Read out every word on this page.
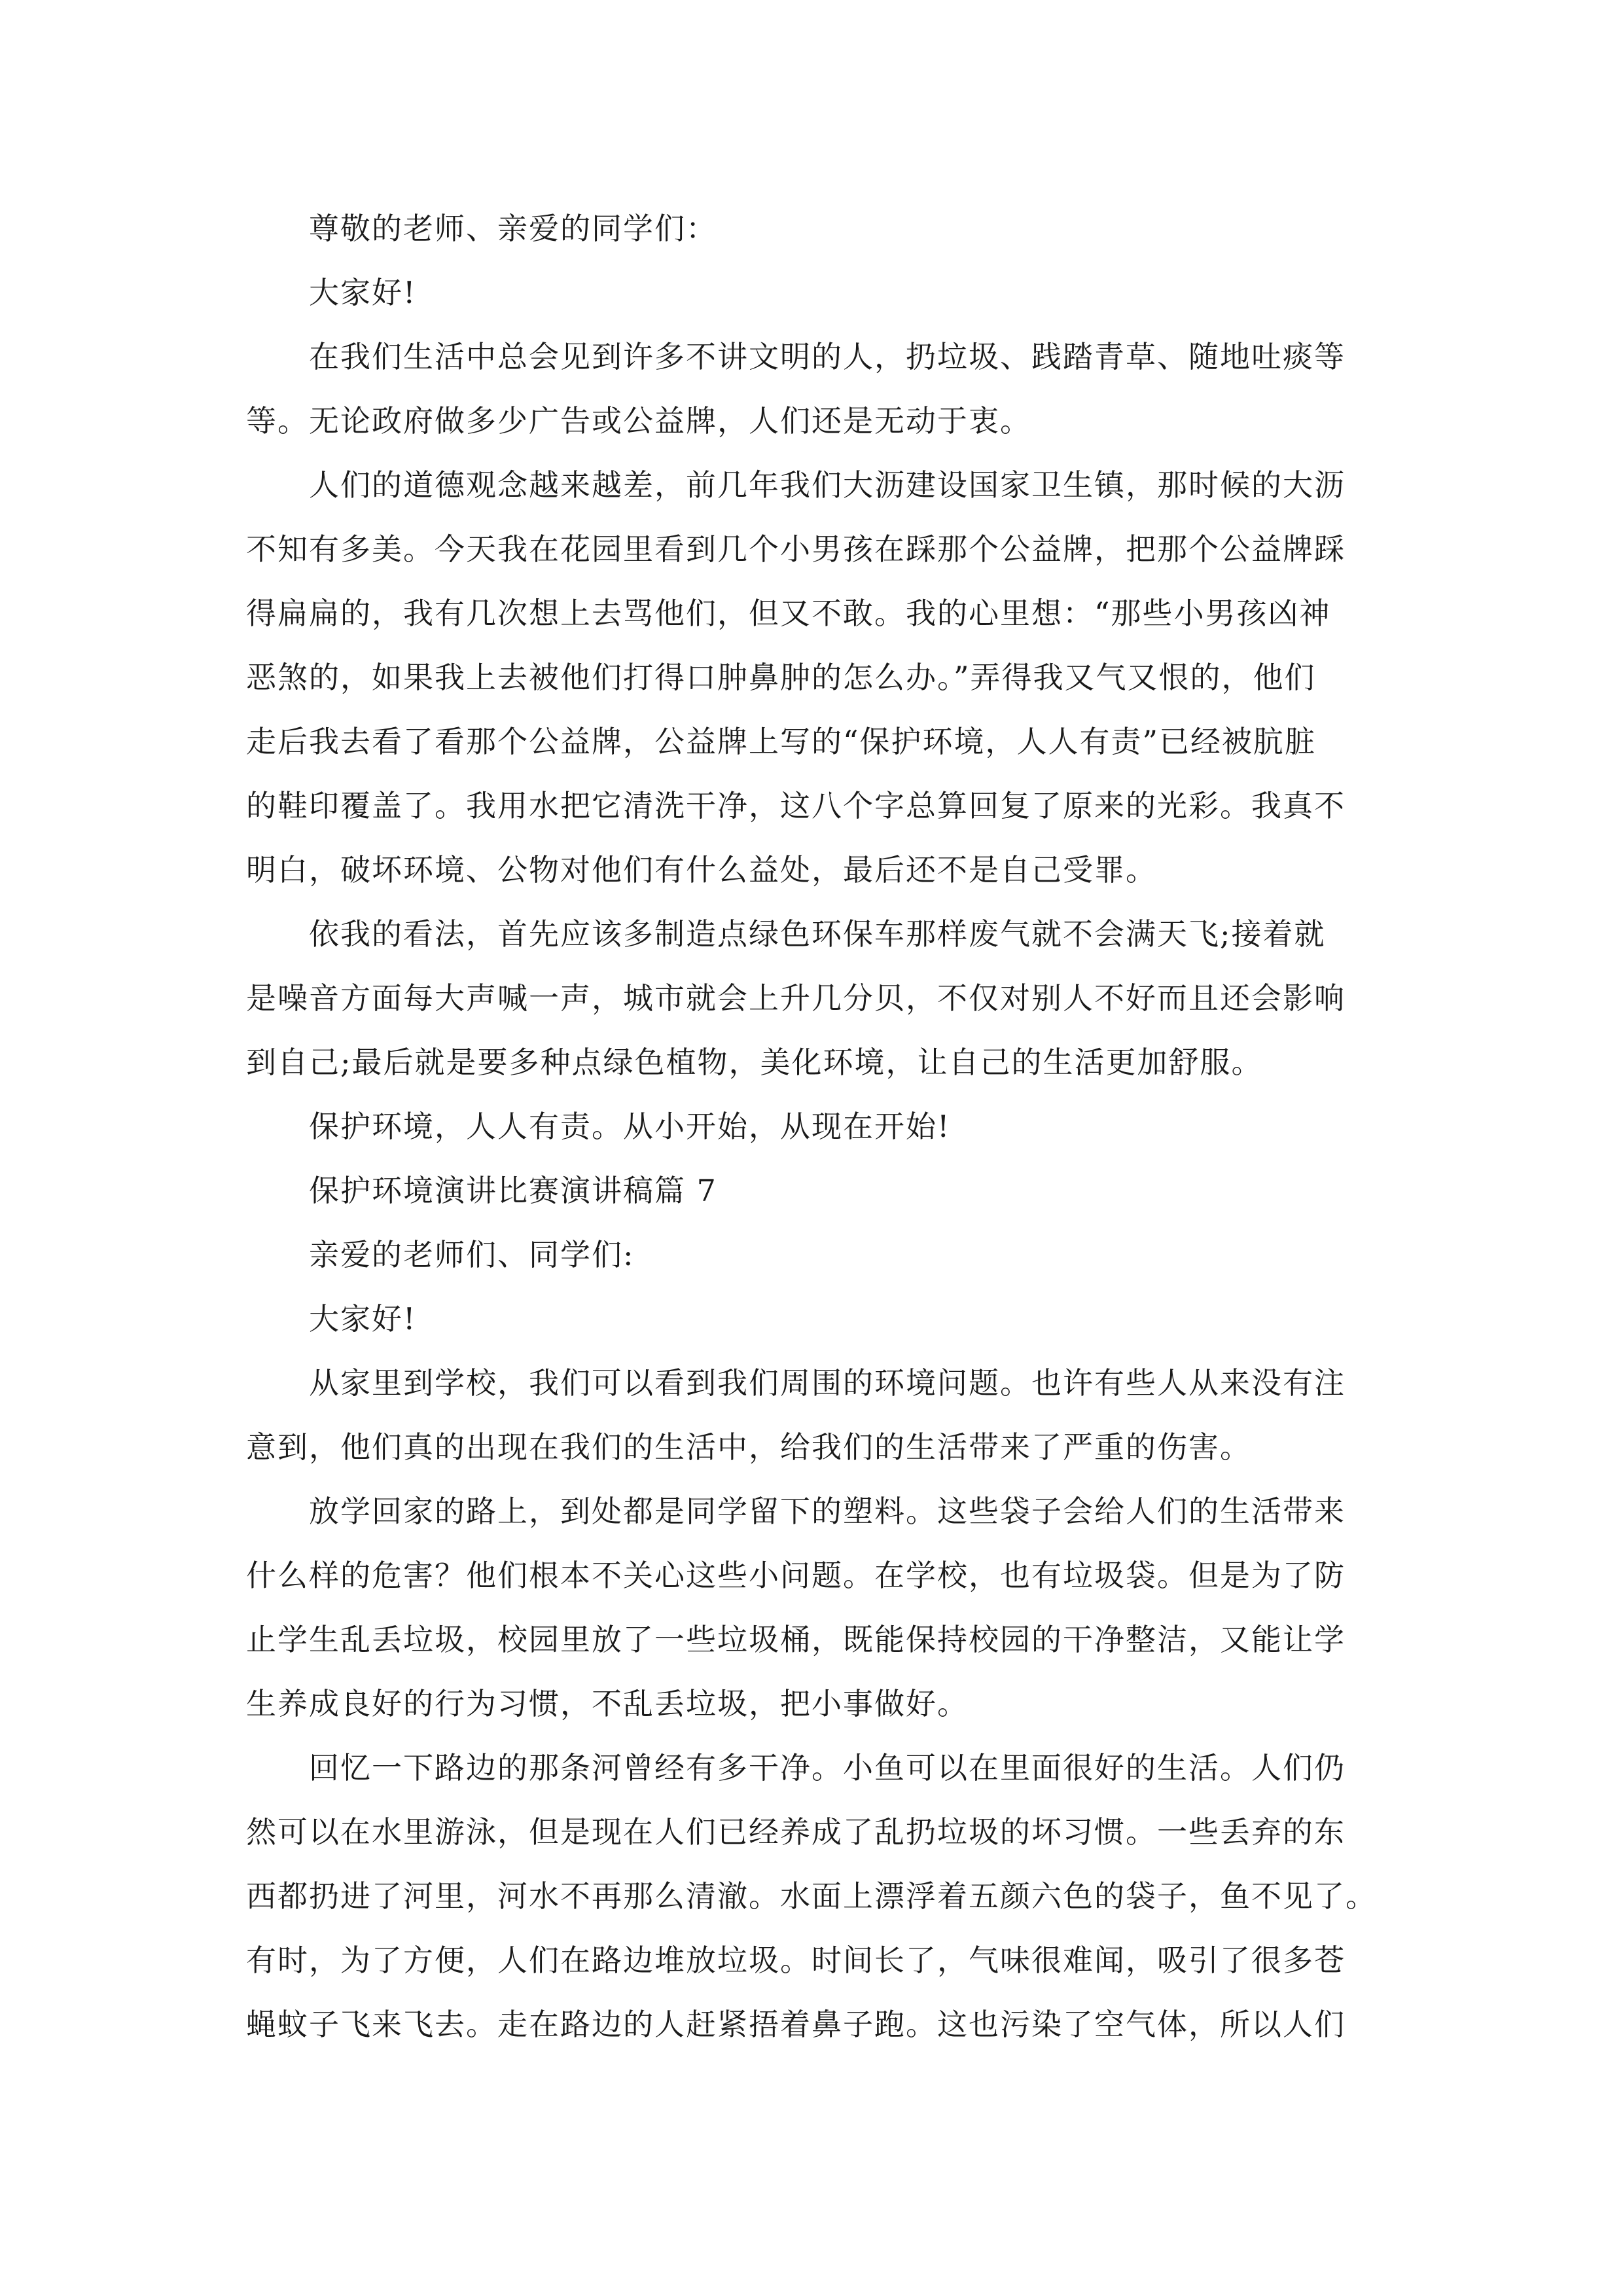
尊敬的老师、亲爱的同学们：
大家好!
在我们生活中总会见到许多不讲文明的人，扔垃圾、践踏青草、随地吐痰等
等。无论政府做多少广告或公益牌，人们还是无动于衷。
人们的道德观念越来越差，前几年我们大沥建设国家卫生镇，那时候的大沥
不知有多美。今天我在花园里看到几个小男孩在踩那个公益牌，把那个公益牌踩
得扁扁的，我有几次想上去骂他们，但又不敢。我的心里想：“那些小男孩凶神
恶煞的，如果我上去被他们打得口肿鼻肿的怎么办。”弄得我又气又恨的，他们
走后我去看了看那个公益牌，公益牌上写的“保护环境，人人有责”已经被肮脏
的鞋印覆盖了。我用水把它清洗干净，这八个字总算回复了原来的光彩。我真不
明白，破坏环境、公物对他们有什么益处，最后还不是自己受罪。
依我的看法，首先应该多制造点绿色环保车那样废气就不会满天飞;接着就
是噪音方面每大声喊一声，城市就会上升几分贝，不仅对别人不好而且还会影响
到自己;最后就是要多种点绿色植物，美化环境，让自己的生活更加舒服。
保护环境，人人有责。从小开始，从现在开始!
保护环境演讲比赛演讲稿篇 7
亲爱的老师们、同学们:
大家好!
从家里到学校，我们可以看到我们周围的环境问题。也许有些人从来没有注
意到，他们真的出现在我们的生活中，给我们的生活带来了严重的伤害。
放学回家的路上，到处都是同学留下的塑料。这些袋子会给人们的生活带来
什么样的危害？他们根本不关心这些小问题。在学校，也有垃圾袋。但是为了防
止学生乱丢垃圾，校园里放了一些垃圾桶，既能保持校园的干净整洁，又能让学
生养成良好的行为习惯，不乱丢垃圾，把小事做好。
回忆一下路边的那条河曾经有多干净。小鱼可以在里面很好的生活。人们仍
然可以在水里游泳，但是现在人们已经养成了乱扔垃圾的坏习惯。一些丢弃的东
西都扔进了河里，河水不再那么清澈。水面上漂浮着五颜六色的袋子，鱼不见了。
有时，为了方便，人们在路边堆放垃圾。时间长了，气味很难闻，吸引了很多苍
蝇蚊子飞来飞去。走在路边的人赶紧捂着鼻子跑。这也污染了空气体，所以人们
